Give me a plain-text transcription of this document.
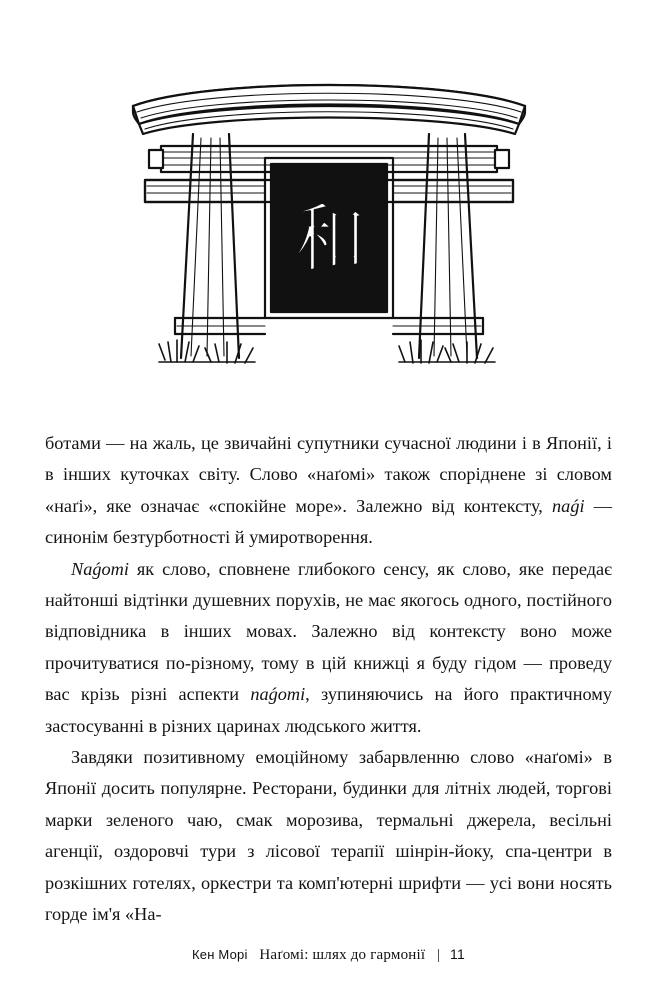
和

ботами — на жаль, це звичайні супутники сучасної людини і в Японії, і в інших куточках світу. Слово «наґомі» також споріднене зі словом «наґі», яке означає «спокійне море». Залежно від контексту, naǵi — синонім безтурботності й умиротворення.

Naǵomi як слово, сповнене глибокого сенсу, як слово, яке передає найтонші відтінки душевних порухів, не має якогось одного, постійного відповідника в інших мовах. Залежно від контексту воно може прочитуватися по-різному, тому в цій книжці я буду гідом — проведу вас крізь різні аспекти naǵomi, зупиняючись на його практичному застосуванні в різних царинах людського життя.

Завдяки позитивному емоційному забарвленню слово «наґомі» в Японії досить популярне. Ресторани, будинки для літніх людей, торгові марки зеленого чаю, смак морозива, термальні джерела, весільні агенції, оздоровчі тури з лісової терапії шінрін-йоку, спа-центри в розкішних готелях, оркестри та комп'ютерні шрифти — усі вони носять горде ім'я «На-

Кен Морі Наґомі: шлях до гармонії | 11
